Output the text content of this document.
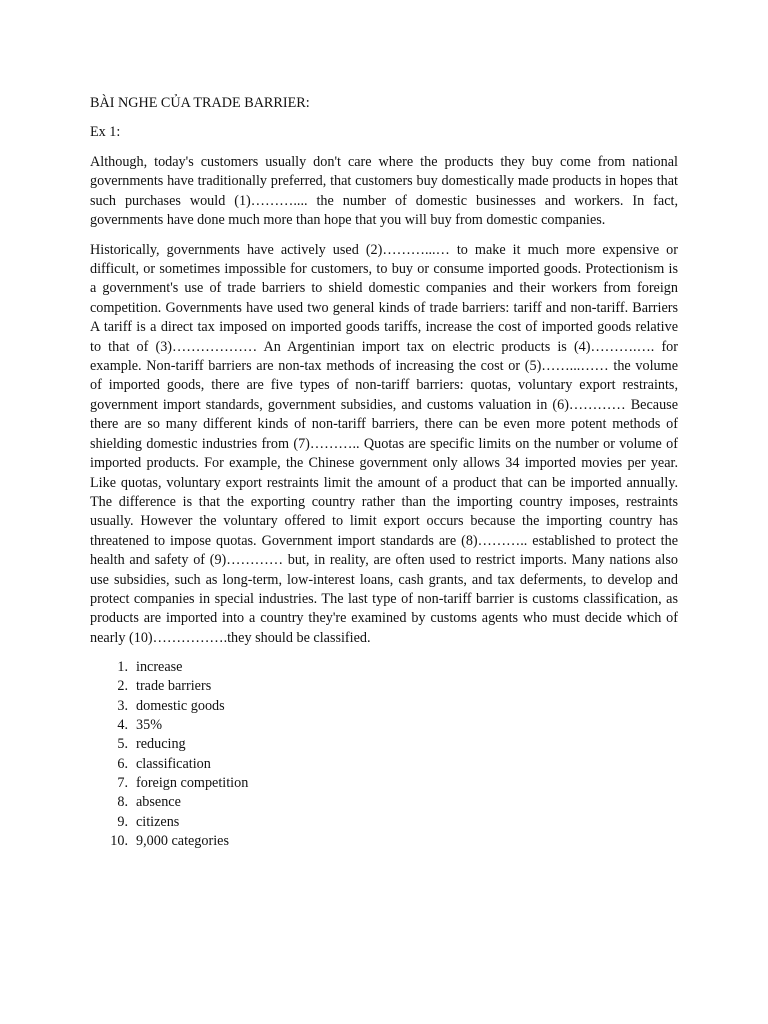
BÀI NGHE CỦA TRADE BARRIER:
Ex 1:

Although, today's customers usually don't care where the products they buy come from national governments have traditionally preferred, that customers buy domestically made products in hopes that such purchases would (1)……….... the number of domestic businesses and workers. In fact, governments have done much more than hope that you will buy from domestic companies.

Historically, governments have actively used (2)………...… to make it much more expensive or difficult, or sometimes impossible for customers, to buy or consume imported goods. Protectionism is a government's use of trade barriers to shield domestic companies and their workers from foreign competition. Governments have used two general kinds of trade barriers: tariff and non-tariff. Barriers A tariff is a direct tax imposed on imported goods tariffs, increase the cost of imported goods relative to that of (3)……………… An Argentinian import tax on electric products is (4)……….…. for example. Non-tariff barriers are non-tax methods of increasing the cost or (5)……...…… the volume of imported goods, there are five types of non-tariff barriers: quotas, voluntary export restraints, government import standards, government subsidies, and customs valuation in (6)………… Because there are so many different kinds of non-tariff barriers, there can be even more potent methods of shielding domestic industries from (7)……….. Quotas are specific limits on the number or volume of imported products. For example, the Chinese government only allows 34 imported movies per year. Like quotas, voluntary export restraints limit the amount of a product that can be imported annually. The difference is that the exporting country rather than the importing country imposes, restraints usually. However the voluntary offered to limit export occurs because the importing country has threatened to impose quotas. Government import standards are (8)……….. established to protect the health and safety of (9)………… but, in reality, are often used to restrict imports. Many nations also use subsidies, such as long-term, low-interest loans, cash grants, and tax deferments, to develop and protect companies in special industries. The last type of non-tariff barrier is customs classification, as products are imported into a country they're examined by customs agents who must decide which of nearly (10)…………….they should be classified.

1. increase
2. trade barriers
3. domestic goods
4. 35%
5. reducing
6. classification
7. foreign competition
8. absence
9. citizens
10. 9,000 categories
